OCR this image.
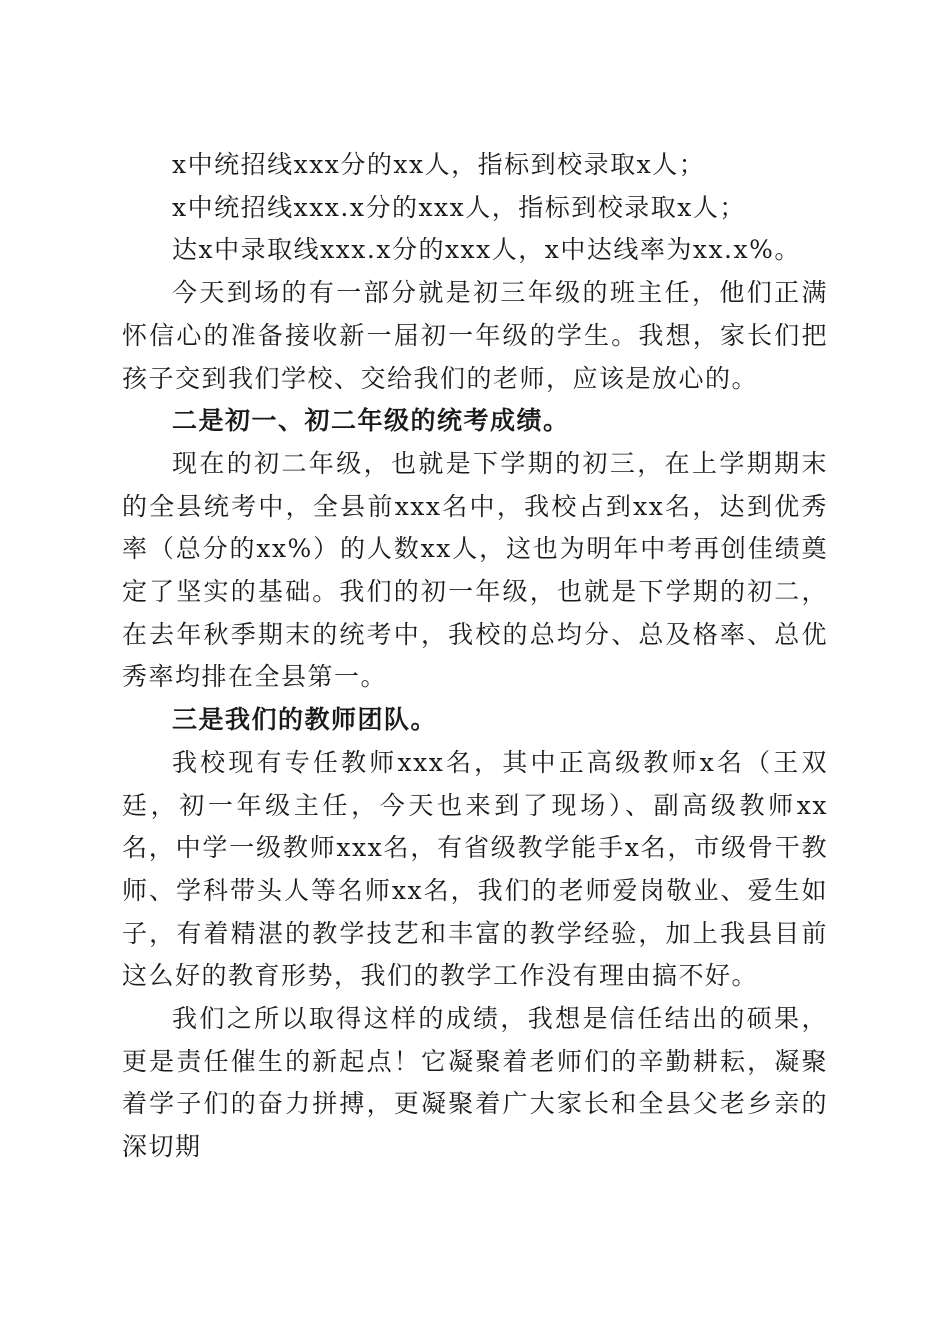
x中统招线xxx分的xx人，指标到校录取x人；

x中统招线xxx.x分的xxx人，指标到校录取x人；

达x中录取线xxx.x分的xxx人，x中达线率为xx.x%。

今天到场的有一部分就是初三年级的班主任，他们正满怀信心的准备接收新一届初一年级的学生。我想，家长们把孩子交到我们学校、交给我们的老师，应该是放心的。

二是初一、初二年级的统考成绩。

现在的初二年级，也就是下学期的初三，在上学期期末的全县统考中，全县前xxx名中，我校占到xx名，达到优秀率（总分的xx%）的人数xx人，这也为明年中考再创佳绩奠定了坚实的基础。我们的初一年级，也就是下学期的初二，在去年秋季期末的统考中，我校的总均分、总及格率、总优秀率均排在全县第一。

三是我们的教师团队。

我校现有专任教师xxx名，其中正高级教师x名（王双廷，初一年级主任，今天也来到了现场）、副高级教师xx名，中学一级教师xxx名，有省级教学能手x名，市级骨干教师、学科带头人等名师xx名，我们的老师爱岗敬业、爱生如子，有着精湛的教学技艺和丰富的教学经验，加上我县目前这么好的教育形势，我们的教学工作没有理由搞不好。

我们之所以取得这样的成绩，我想是信任结出的硕果，更是责任催生的新起点！它凝聚着老师们的辛勤耕耘，凝聚着学子们的奋力拼搏，更凝聚着广大家长和全县父老乡亲的深切期
